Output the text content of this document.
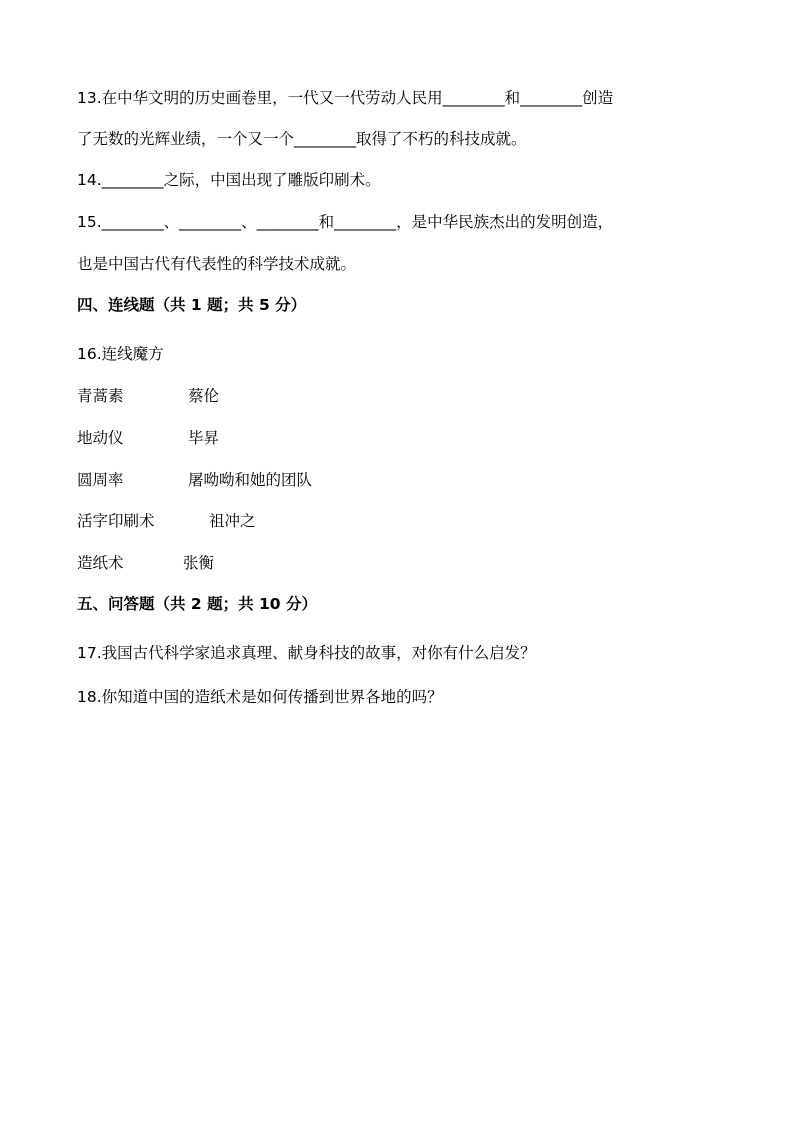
13.在中华文明的历史画卷里，一代又一代劳动人民用________和________创造
了无数的光辉业绩，一个又一个________取得了不朽的科技成就。
14.________之际，中国出现了雕版印刷术。
15.________、________、________和________，是中华民族杰出的发明创造，
也是中国古代有代表性的科学技术成就。
四、连线题（共 1 题；共 5 分）
16.连线魔方
青蒿素	蔡伦
地动仪	毕昇
圆周率	屠呦呦和她的团队
活字印刷术	祖冲之
造纸术	张衡
五、问答题（共 2 题；共 10 分）
17.我国古代科学家追求真理、献身科技的故事，对你有什么启发？
18.你知道中国的造纸术是如何传播到世界各地的吗？
